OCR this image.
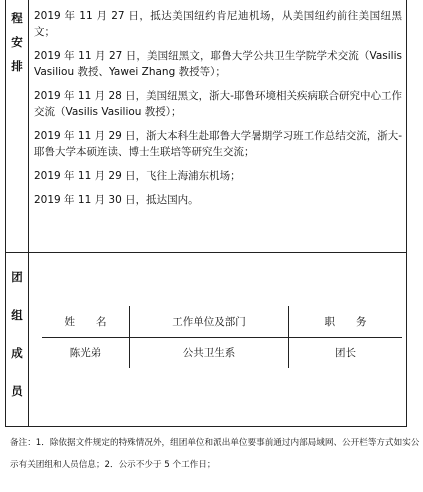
程
安
排

2019 年 11 月 27 日，抵达美国纽约肯尼迪机场，从美国纽约前往美国纽黑文；

2019 年 11 月 27 日，美国纽黑文，耶鲁大学公共卫生学院学术交流（Vasilis Vasiliou 教授、Yawei Zhang 教授等）；

2019 年 11 月 28 日，美国纽黑文，浙大-耶鲁环境相关疾病联合研究中心工作交流（Vasilis Vasiliou 教授）；

2019 年 11 月 29 日，浙大本科生赴耶鲁大学暑期学习班工作总结交流，浙大-耶鲁大学本硕连读、博士生联培等研究生交流；

2019 年 11 月 29 日，飞往上海浦东机场；

2019 年 11 月 30 日，抵达国内。

团
组
成
员
姓　　名	工作单位及部门	职　　务
陈光弟	公共卫生系	团长

备注：1．除依据文件规定的特殊情况外，组团单位和派出单位要事前通过内部局域网、公开栏等方式如实公

示有关团组和人员信息；2．公示不少于 5 个工作日；
